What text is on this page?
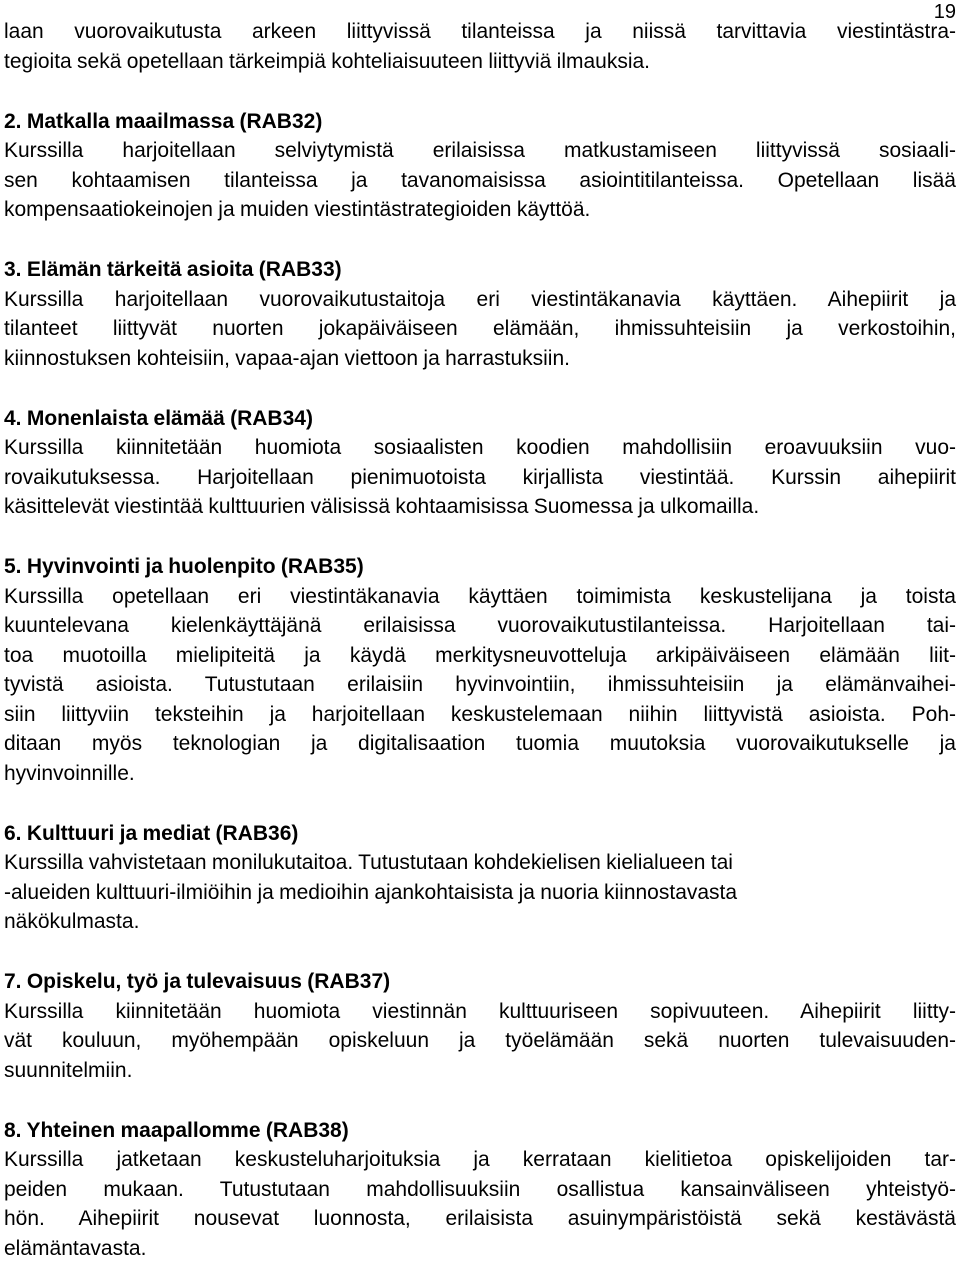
19
laan vuorovaikutusta arkeen liittyvissä tilanteissa ja niissä tarvittavia viestintästra-
tegioita sekä opetellaan tärkeimpiä kohteliaisuuteen liittyviä ilmauksia.
2. Matkalla maailmassa (RAB32)
Kurssilla harjoitellaan selviytymistä erilaisissa matkustamiseen liittyvissä sosiaali-
sen kohtaamisen tilanteissa ja tavanomaisissa asiointitilanteissa. Opetellaan lisää
kompensaatiokeinojen ja muiden viestintästrategioiden käyttöä.
3. Elämän tärkeitä asioita (RAB33)
Kurssilla harjoitellaan vuorovaikutustaitoja eri viestintäkanavia käyttäen. Aihepiirit ja
tilanteet liittyvät nuorten jokapäiväiseen elämään, ihmissuhteisiin ja verkostoihin,
kiinnostuksen kohteisiin, vapaa-ajan viettoon ja harrastuksiin.
4. Monenlaista elämää (RAB34)
Kurssilla kiinnitetään huomiota sosiaalisten koodien mahdollisiin eroavuuksiin vuo-
rovaikutuksessa. Harjoitellaan pienimuotoista kirjallista viestintää. Kurssin aihepiirit
käsittelevät viestintää kulttuurien välisissä kohtaamisissa Suomessa ja ulkomailla.
5. Hyvinvointi ja huolenpito (RAB35)
Kurssilla opetellaan eri viestintäkanavia käyttäen toimimista keskustelijana ja toista
kuuntelevana kielenkäyttäjänä erilaisissa vuorovaikutustilanteissa. Harjoitellaan tai-
toa muotoilla mielipiteitä ja käydä merkitysneuvotteluja arkipäiväiseen elämään liit-
tyvistä asioista. Tutustutaan erilaisiin hyvinvointiin, ihmissuhteisiin ja elämänvaihei-
siin liittyviin teksteihin ja harjoitellaan keskustelemaan niihin liittyvistä asioista. Poh-
ditaan myös teknologian ja digitalisaation tuomia muutoksia vuorovaikutukselle ja
hyvinvoinnille.
6. Kulttuuri ja mediat (RAB36)
Kurssilla vahvistetaan monilukutaitoa. Tutustutaan kohdekielisen kielialueen tai
-alueiden kulttuuri-ilmiöihin ja medioihin ajankohtaisista ja nuoria kiinnostavasta
näkökulmasta.
7. Opiskelu, työ ja tulevaisuus (RAB37)
Kurssilla kiinnitetään huomiota viestinnän kulttuuriseen sopivuuteen. Aihepiirit liitty-
vät kouluun, myöhempään opiskeluun ja työelämään sekä nuorten tulevaisuuden-
suunnitelmiin.
8. Yhteinen maapallomme (RAB38)
Kurssilla jatketaan keskusteluharjoituksia ja kerrataan kielitietoa opiskelijoiden tar-
peiden mukaan. Tutustutaan mahdollisuuksiin osallistua kansainväliseen yhteistyö-
hön. Aihepiirit nousevat luonnosta, erilaisista asuinympäristöistä sekä kestävästä
elämäntavasta.
